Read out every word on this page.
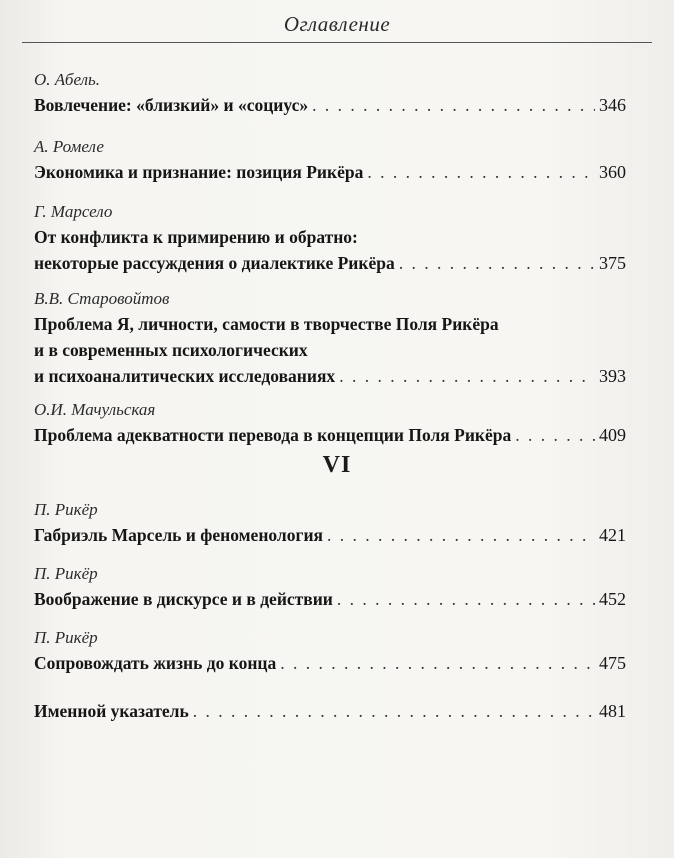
Оглавление
О. Абель.
Вовлечение: «близкий» и «социус» . . .	346
А. Ромеле
Экономика и признание: позиция Рикёра . . .	360
Г. Марсело
От конфликта к примирению и обратно:
некоторые рассуждения о диалектике Рикёра . . .	375
В.В. Старовойтов
Проблема Я, личности, самости в творчестве Поля Рикёра
и в современных психологических
и психоаналитических исследованиях . . .	393
О.И. Мачульская
Проблема адекватности перевода в концепции Поля Рикёра . . .	409
VI
П. Рикёр
Габриэль Марсель и феноменология . . .	421
П. Рикёр
Воображение в дискурсе и в действии . . .	452
П. Рикёр
Сопровождать жизнь до конца . . .	475
Именной указатель . . .	481
